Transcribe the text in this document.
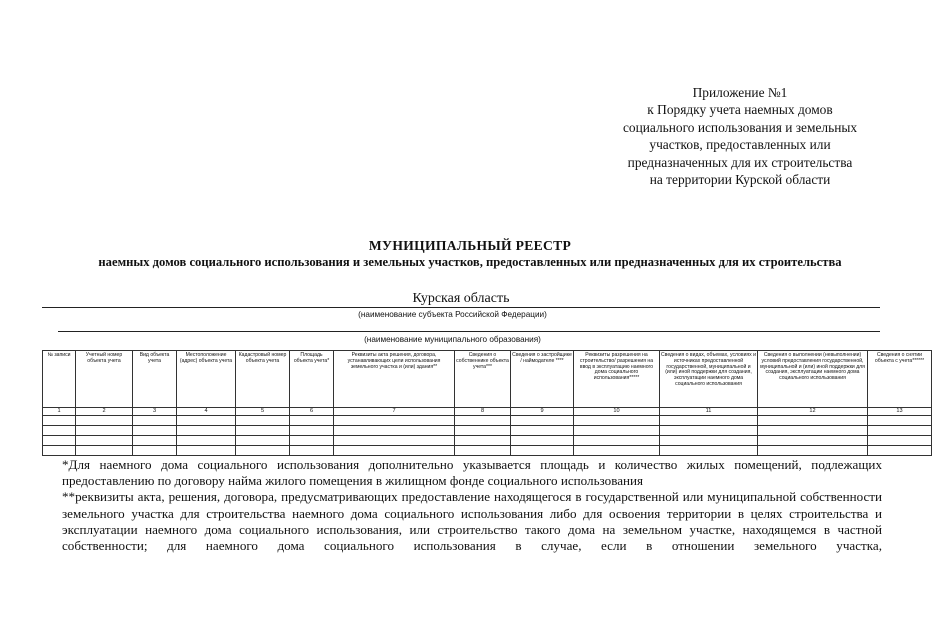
Приложение №1
к Порядку учета наемных домов
социального использования и земельных
участков, предоставленных или
предназначенных для их строительства
на территории Курской области
МУНИЦИПАЛЬНЫЙ РЕЕСТР
наемных домов социального использования и земельных участков, предоставленных или предназначенных для их строительства
Курская область
(наименование субъекта Российской Федерации)
(наименование муниципального образования)
№ записи	Учетный номер объекта учета	Вид объекта учета	Местоположение (адрес) объекта учета	Кадастровый номер объекта учета	Площадь объекта учета*	Реквизиты акта решения, договора, устанавливающих цели использования земельного участка и (или) здания**	Сведения о собственнике объекта учета***	Сведения о застройщике / наймодателе ****	Реквизиты разрешения на строительство/ разрешения на ввод в эксплуатацию наемного дома социального использования*****	Сведения о видах, объемах, условиях и источниках предоставленной государственной, муниципальной и (или) иной поддержки для создания, эксплуатации наемного дома социального использования	Сведения о выполнении (невыполнении) условий предоставления государственной, муниципальной и (или) иной поддержки для создания, эксплуатации наемного дома социального использования	Сведения о снятии объекта с учета******
1	2	3	4	5	6	7	8	9	10	11	12	13

*Для наемного дома социального использования дополнительно указывается площадь и количество жилых помещений, подлежащих предоставлению по договору найма жилого помещения в жилищном фонде социального использования

**реквизиты акта, решения, договора, предусматривающих предоставление находящегося в государственной или муниципальной собственности земельного участка для строительства наемного дома социального использования либо для освоения территории в целях строительства и эксплуатации наемного дома социального использования, или строительство такого дома на земельном участке, находящемся в частной собственности; для наемного дома социального использования в случае, если в отношении земельного участка,
